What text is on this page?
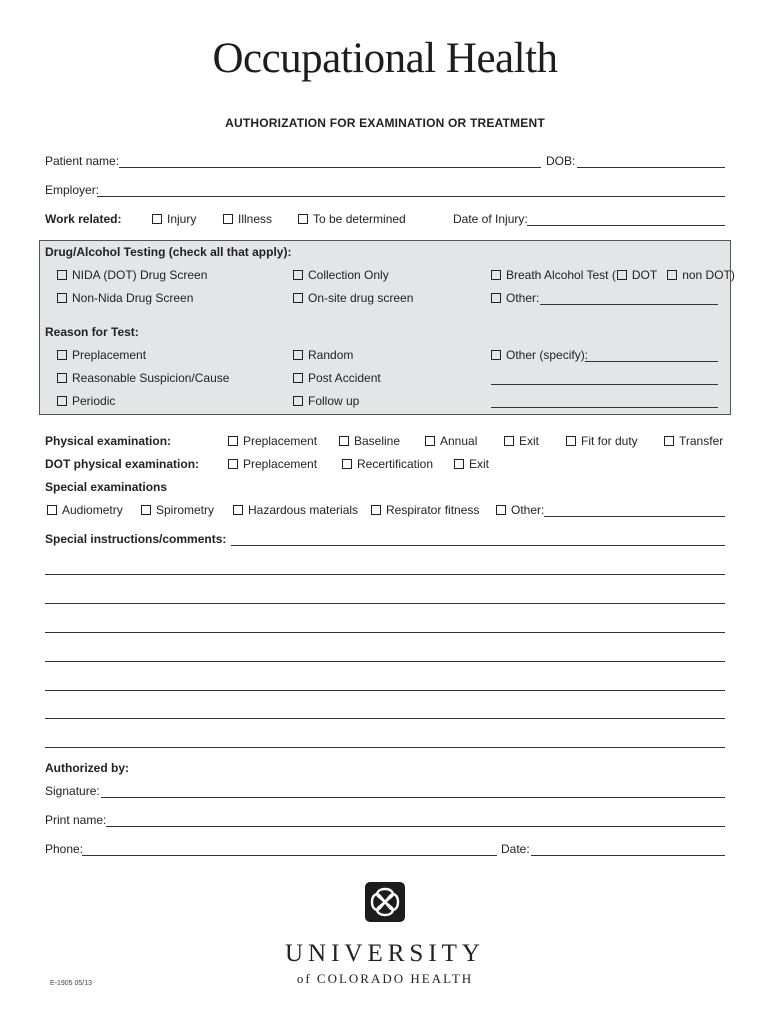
Occupational Health
AUTHORIZATION FOR EXAMINATION OR TREATMENT
Patient name:	DOB:
Employer:
Work related:	Injury	Illness	To be determined	Date of Injury:
Drug/Alcohol Testing (check all that apply):
NIDA (DOT) Drug Screen
Non-Nida Drug Screen
Collection Only
On-site drug screen
Breath Alcohol Test ( DOT non DOT)
Other:
Reason for Test:
Preplacement
Reasonable Suspicion/Cause
Periodic
Random
Post Accident
Follow up
Other (specify):
Physical examination:	Preplacement	Baseline	Annual	Exit	Fit for duty	Transfer
DOT physical examination:	Preplacement	Recertification	Exit
Special examinations
Audiometry	Spirometry	Hazardous materials	Respirator fitness	Other:
Special instructions/comments:
Authorized by:
Signature:
Print name:
Phone:	Date:
UNIVERSITY
of COLORADO HEALTH
E-1905 05/13
